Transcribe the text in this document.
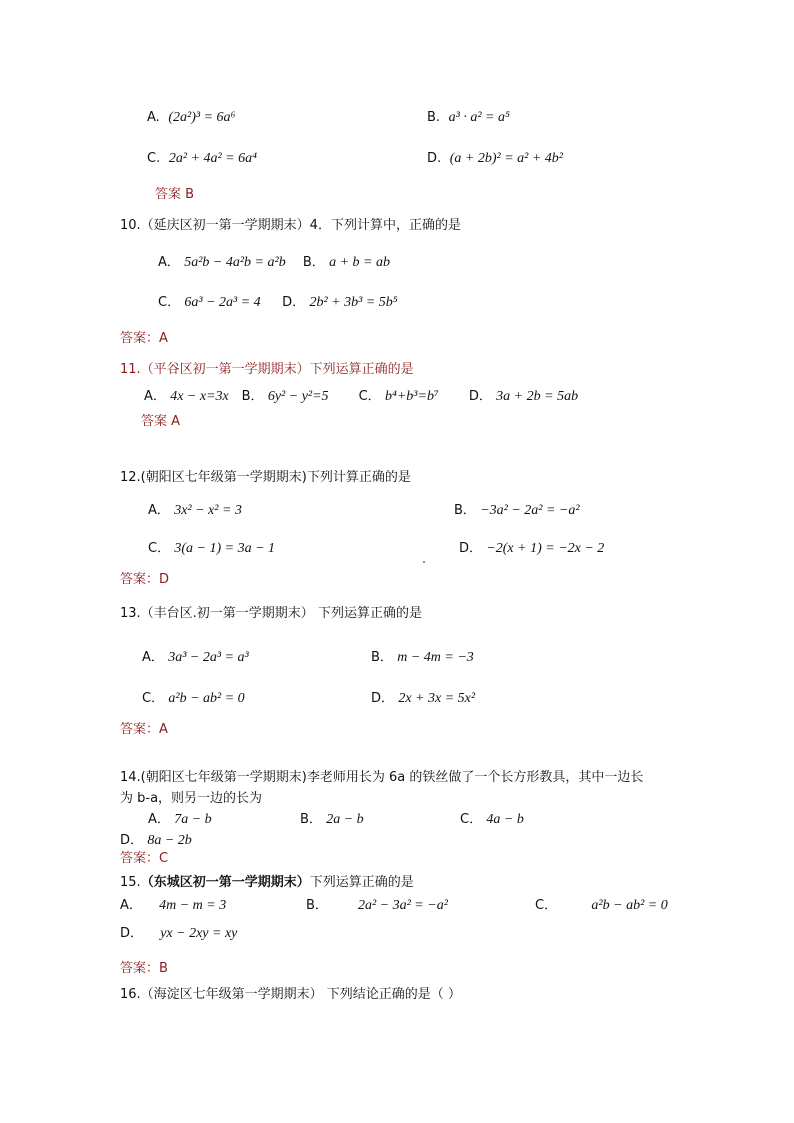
A. (2a²)³ = 6a⁶	B. a³ · a² = a⁵
C. 2a² + 4a² = 6a⁴	D. (a + 2b)² = a² + 4b²
答案 B
10.（延庆区初一第一学期期末）4．下列计算中，正确的是
A． 5a²b − 4a²b = a²b B． a + b = ab
C． 6a³ − 2a³ = 4 D． 2b² + 3b³ = 5b⁵
答案：A
11.（平谷区初一第一学期期末）下列运算正确的是
A． 4x − x=3x B． 6y² − y²=5 C． b⁴+b³=b⁷ D． 3a + 2b = 5ab
答案 A
12.(朝阳区七年级第一学期期末)下列计算正确的是
A． 3x² − x² = 3	B． −3a² − 2a² = −a²
C． 3(a − 1) = 3a − 1	D． −2(x + 1) = −2x − 2
答案：D
13.（丰台区.初一第一学期期末） 下列运算正确的是
A． 3a³ − 2a³ = a³	B． m − 4m = −3
C． a²b − ab² = 0	D． 2x + 3x = 5x²
答案：A
14.(朝阳区七年级第一学期期末)李老师用长为 6a 的铁丝做了一个长方形教具，其中一边长
为 b-a，则另一边的长为
A． 7a − b	B． 2a − b	C． 4a − b
D． 8a − 2b
答案：C
15.（东城区初一第一学期期末）下列运算正确的是
A． 4m − m = 3	B． 2a² − 3a² = −a²	C． a²b − ab² = 0
D． yx − 2xy = xy
答案：B
16.（海淀区七年级第一学期期末） 下列结论正确的是（ ）
